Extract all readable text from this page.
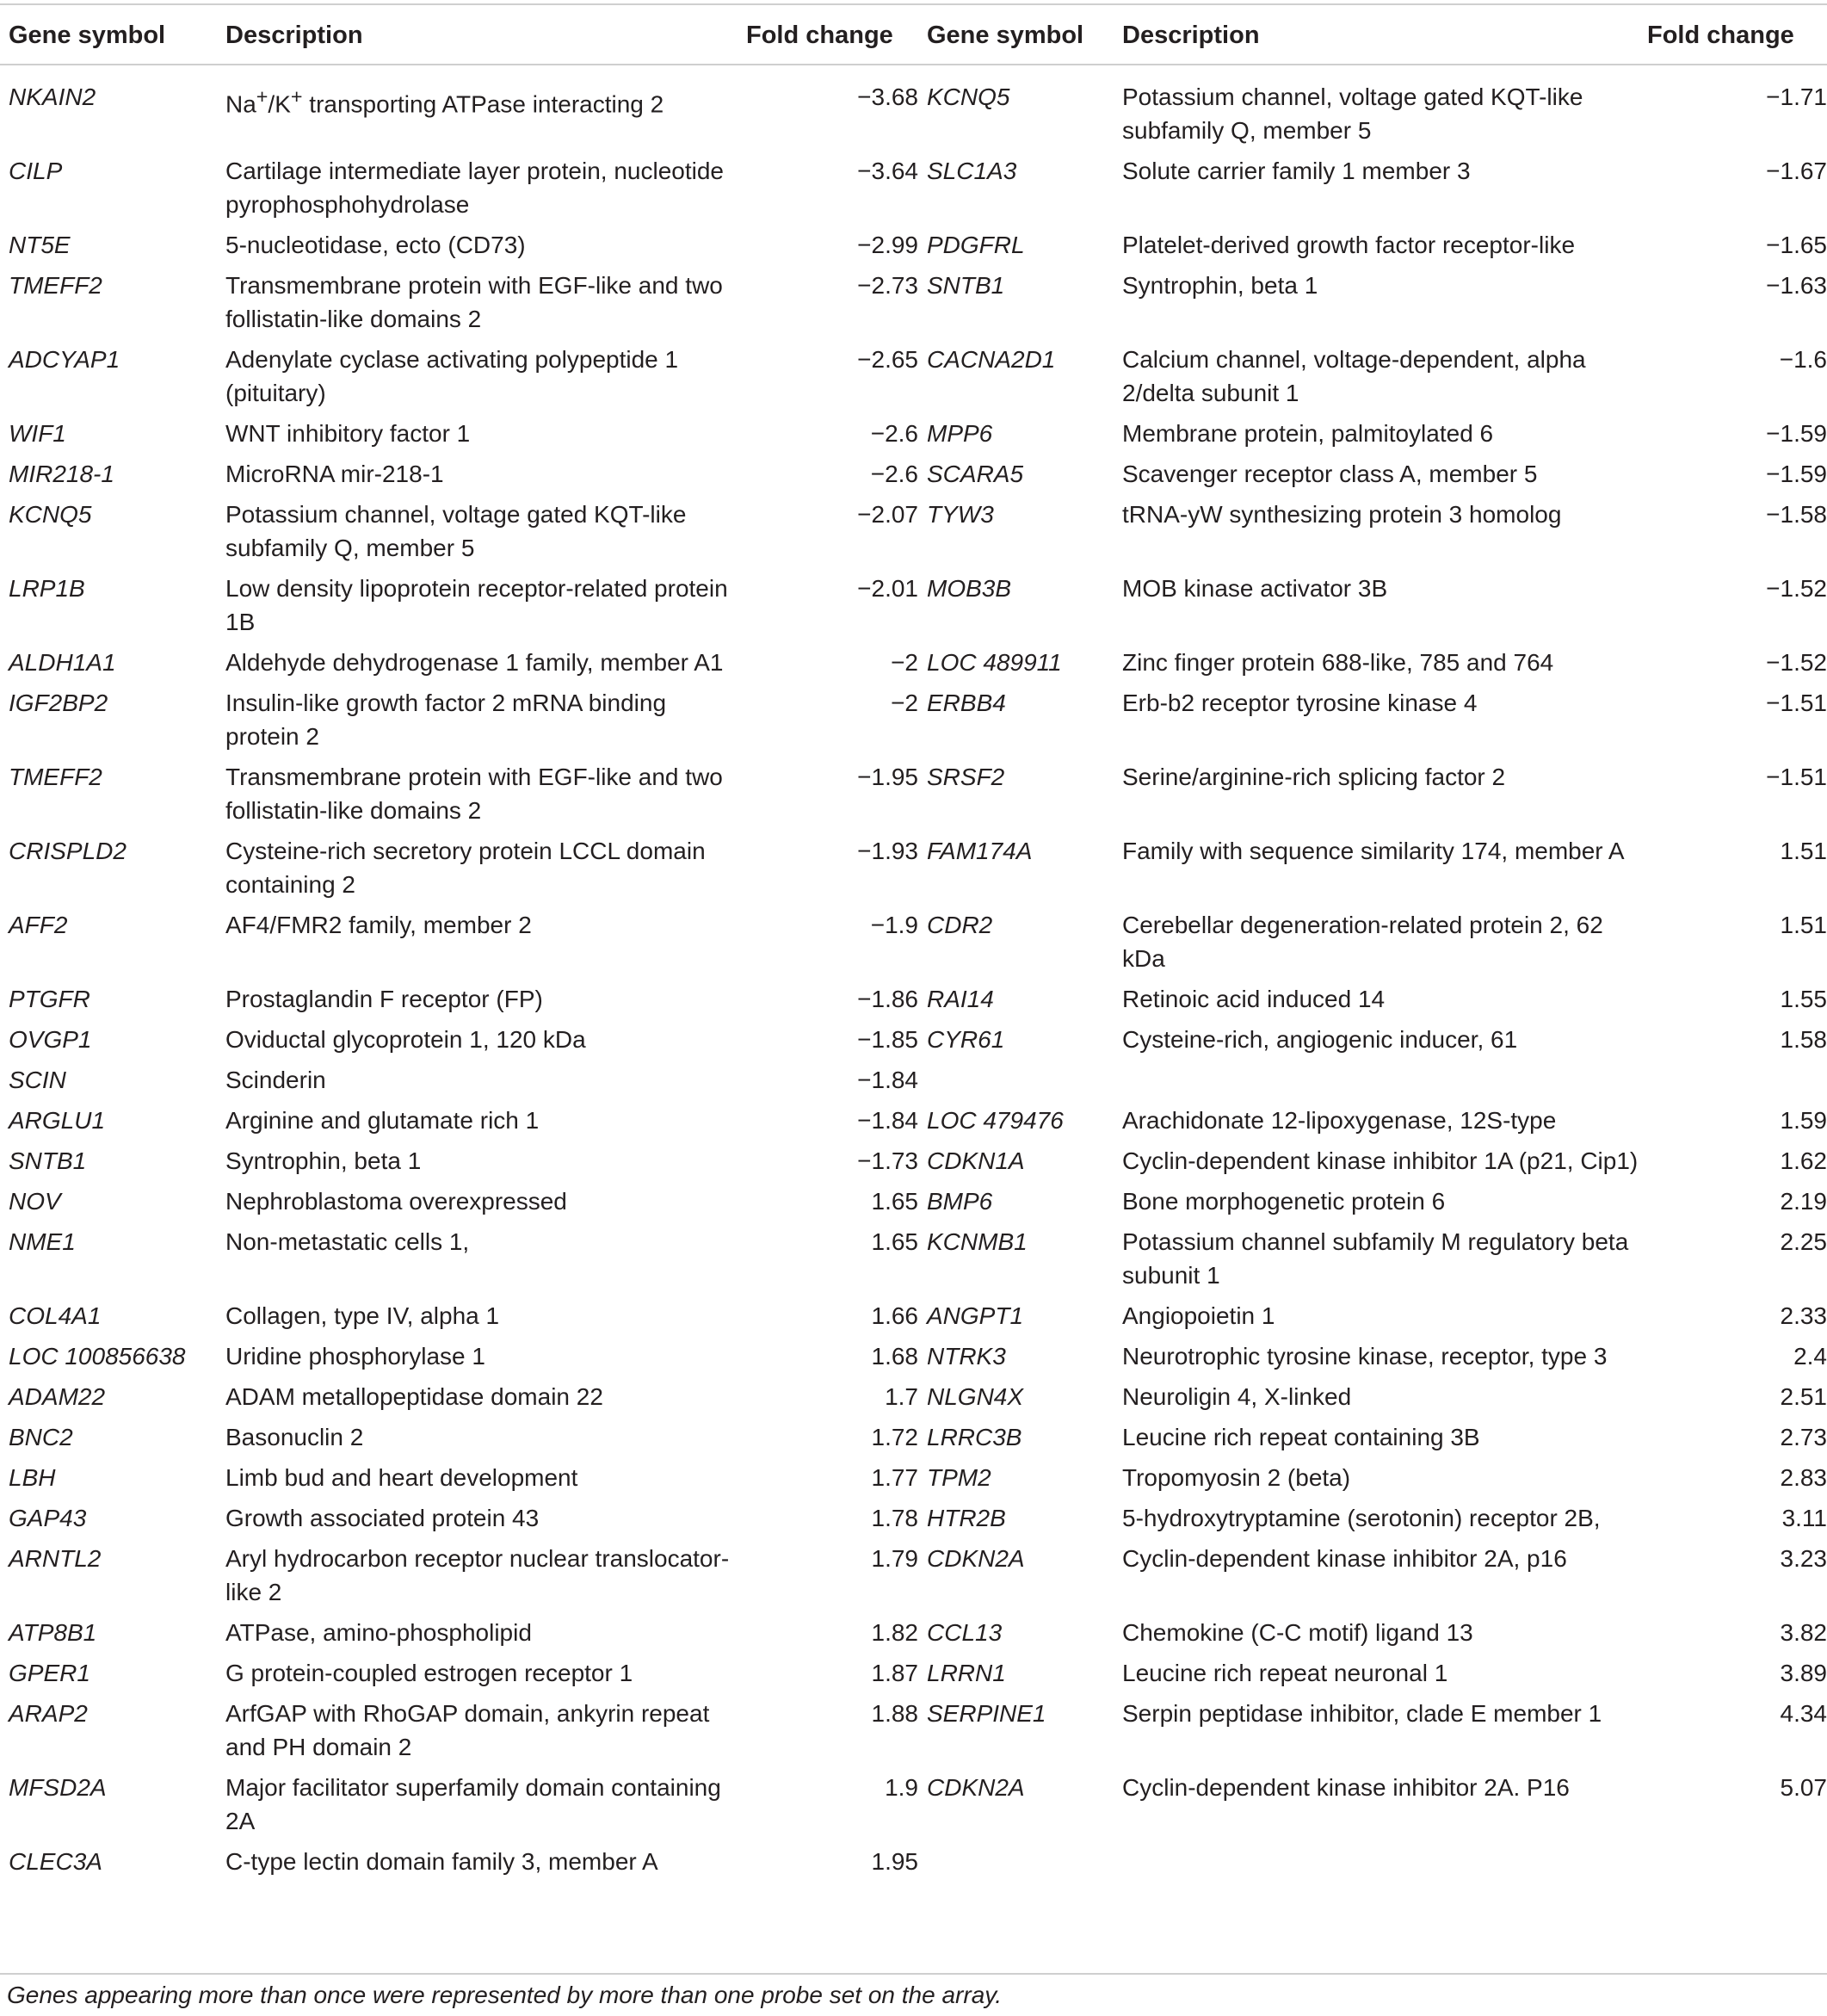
Gene symbol	Description	Fold change	Gene symbol	Description	Fold change
NKAIN2	Na+/K+ transporting ATPase interacting 2	−3.68	KCNQ5	Potassium channel, voltage gated KQT-like subfamily Q, member 5	−1.71
CILP	Cartilage intermediate layer protein, nucleotide pyrophosphohydrolase	−3.64	SLC1A3	Solute carrier family 1 member 3	−1.67
NT5E	5-nucleotidase, ecto (CD73)	−2.99	PDGFRL	Platelet-derived growth factor receptor-like	−1.65
TMEFF2	Transmembrane protein with EGF-like and two follistatin-like domains 2	−2.73	SNTB1	Syntrophin, beta 1	−1.63
ADCYAP1	Adenylate cyclase activating polypeptide 1 (pituitary)	−2.65	CACNA2D1	Calcium channel, voltage-dependent, alpha 2/delta subunit 1	−1.6
WIF1	WNT inhibitory factor 1	−2.6	MPP6	Membrane protein, palmitoylated 6	−1.59
MIR218-1	MicroRNA mir-218-1	−2.6	SCARA5	Scavenger receptor class A, member 5	−1.59
KCNQ5	Potassium channel, voltage gated KQT-like subfamily Q, member 5	−2.07	TYW3	tRNA-yW synthesizing protein 3 homolog	−1.58
LRP1B	Low density lipoprotein receptor-related protein 1B	−2.01	MOB3B	MOB kinase activator 3B	−1.52
ALDH1A1	Aldehyde dehydrogenase 1 family, member A1	−2	LOC 489911	Zinc finger protein 688-like, 785 and 764	−1.52
IGF2BP2	Insulin-like growth factor 2 mRNA binding protein 2	−2	ERBB4	Erb-b2 receptor tyrosine kinase 4	−1.51
TMEFF2	Transmembrane protein with EGF-like and two follistatin-like domains 2	−1.95	SRSF2	Serine/arginine-rich splicing factor 2	−1.51
CRISPLD2	Cysteine-rich secretory protein LCCL domain containing 2	−1.93	FAM174A	Family with sequence similarity 174, member A	1.51
AFF2	AF4/FMR2 family, member 2	−1.9	CDR2	Cerebellar degeneration-related protein 2, 62 kDa	1.51
PTGFR	Prostaglandin F receptor (FP)	−1.86	RAI14	Retinoic acid induced 14	1.55
OVGP1	Oviductal glycoprotein 1, 120 kDa	−1.85	CYR61	Cysteine-rich, angiogenic inducer, 61	1.58
SCIN	Scinderin	−1.84			
ARGLU1	Arginine and glutamate rich 1	−1.84	LOC 479476	Arachidonate 12-lipoxygenase, 12S-type	1.59
SNTB1	Syntrophin, beta 1	−1.73	CDKN1A	Cyclin-dependent kinase inhibitor 1A (p21, Cip1)	1.62
NOV	Nephroblastoma overexpressed	1.65	BMP6	Bone morphogenetic protein 6	2.19
NME1	Non-metastatic cells 1,	1.65	KCNMB1	Potassium channel subfamily M regulatory beta subunit 1	2.25
COL4A1	Collagen, type IV, alpha 1	1.66	ANGPT1	Angiopoietin 1	2.33
LOC 100856638	Uridine phosphorylase 1	1.68	NTRK3	Neurotrophic tyrosine kinase, receptor, type 3	2.4
ADAM22	ADAM metallopeptidase domain 22	1.7	NLGN4X	Neuroligin 4, X-linked	2.51
BNC2	Basonuclin 2	1.72	LRRC3B	Leucine rich repeat containing 3B	2.73
LBH	Limb bud and heart development	1.77	TPM2	Tropomyosin 2 (beta)	2.83
GAP43	Growth associated protein 43	1.78	HTR2B	5-hydroxytryptamine (serotonin) receptor 2B,	3.11
ARNTL2	Aryl hydrocarbon receptor nuclear translocator-like 2	1.79	CDKN2A	Cyclin-dependent kinase inhibitor 2A, p16	3.23
ATP8B1	ATPase, amino-phospholipid	1.82	CCL13	Chemokine (C-C motif) ligand 13	3.82
GPER1	G protein-coupled estrogen receptor 1	1.87	LRRN1	Leucine rich repeat neuronal 1	3.89
ARAP2	ArfGAP with RhoGAP domain, ankyrin repeat and PH domain 2	1.88	SERPINE1	Serpin peptidase inhibitor, clade E member 1	4.34
MFSD2A	Major facilitator superfamily domain containing 2A	1.9	CDKN2A	Cyclin-dependent kinase inhibitor 2A. P16	5.07
CLEC3A	C-type lectin domain family 3, member A	1.95			
Genes appearing more than once were represented by more than one probe set on the array.
